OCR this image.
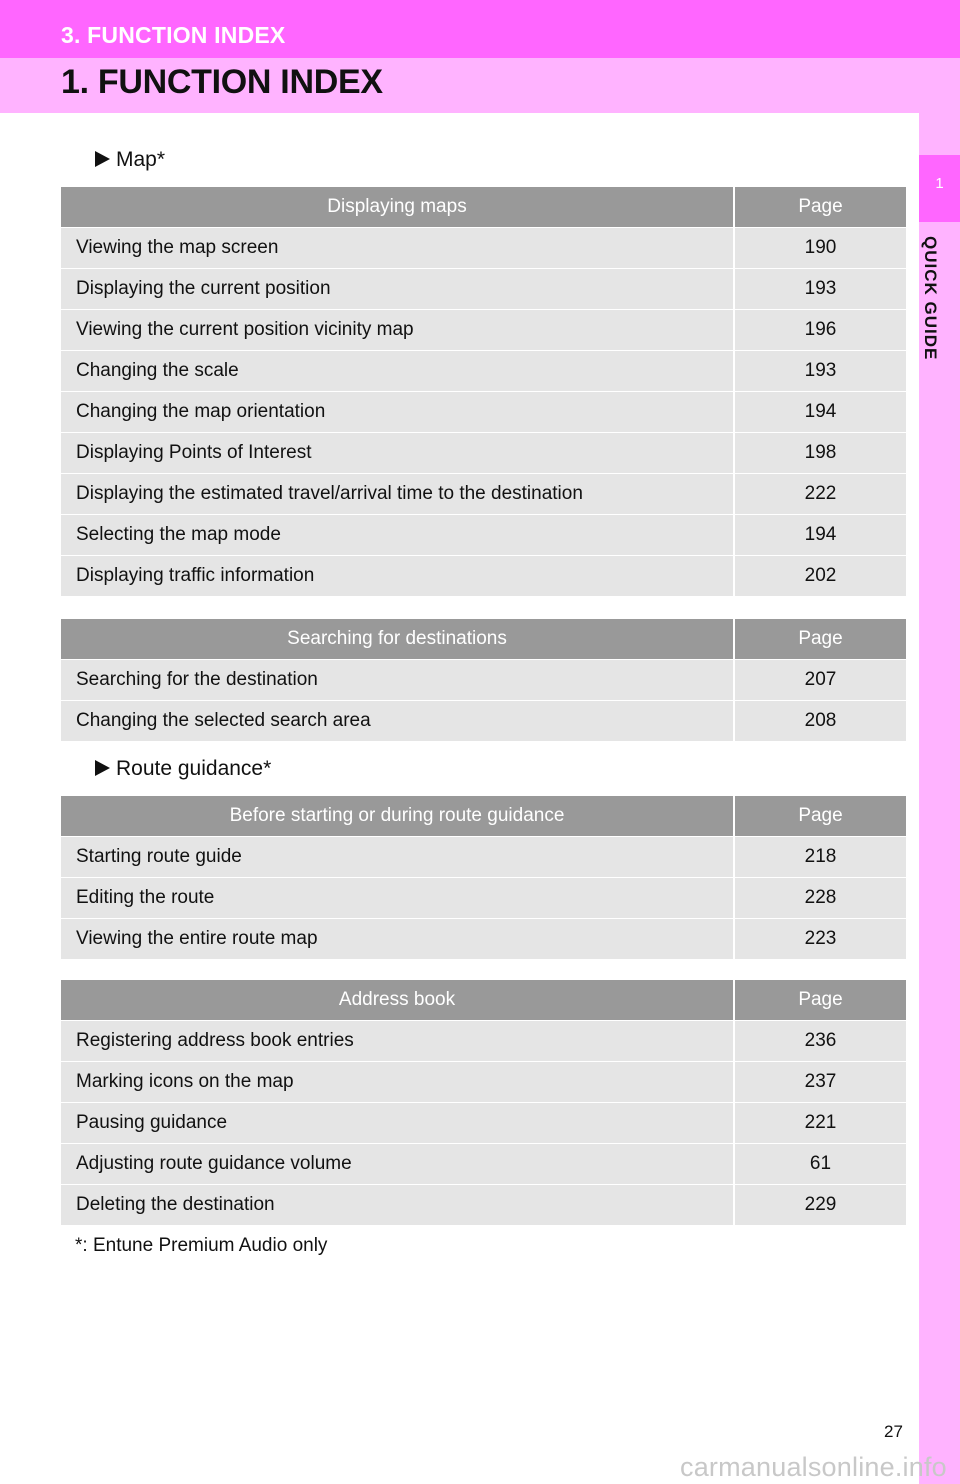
3. FUNCTION INDEX
1. FUNCTION INDEX
1
QUICK GUIDE
Map*
Displaying maps	Page
Viewing the map screen	190
Displaying the current position	193
Viewing the current position vicinity map	196
Changing the scale	193
Changing the map orientation	194
Displaying Points of Interest	198
Displaying the estimated travel/arrival time to the destination	222
Selecting the map mode	194
Displaying traffic information	202
Searching for destinations	Page
Searching for the destination	207
Changing the selected search area	208
Route guidance*
Before starting or during route guidance	Page
Starting route guide	218
Editing the route	228
Viewing the entire route map	223
Address book	Page
Registering address book entries	236
Marking icons on the map	237
Pausing guidance	221
Adjusting route guidance volume	61
Deleting the destination	229
*: Entune Premium Audio only
27
carmanualsonline.info
